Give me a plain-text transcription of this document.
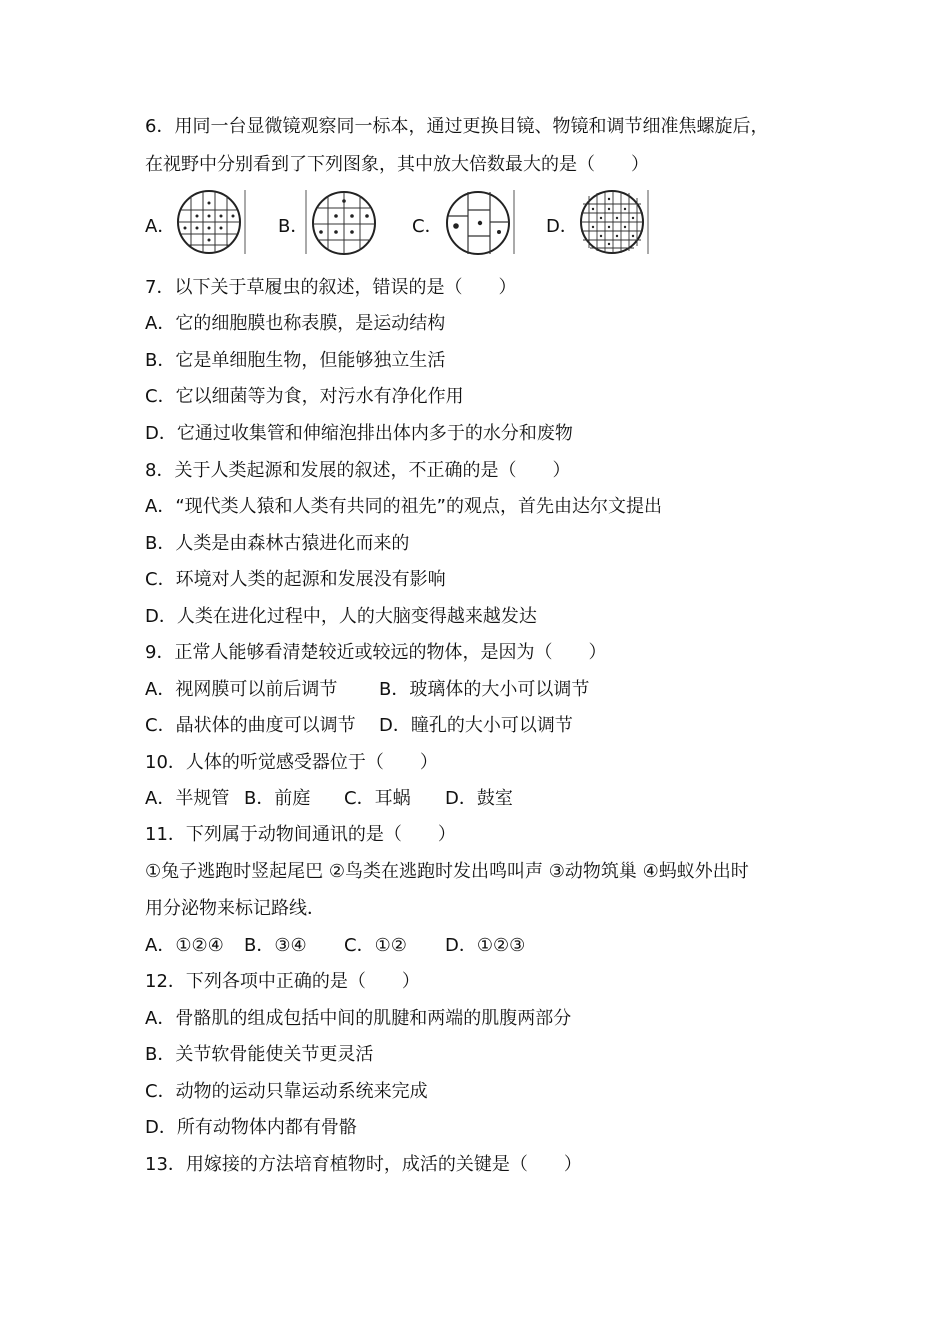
6．用同一台显微镜观察同一标本，通过更换目镜、物镜和调节细准焦螺旋后，
在视野中分别看到了下列图象，其中放大倍数最大的是（　　）
A．	B．	C．	D．
7．以下关于草履虫的叙述，错误的是（　　）
A．它的细胞膜也称表膜，是运动结构
B．它是单细胞生物，但能够独立生活
C．它以细菌等为食，对污水有净化作用
D．它通过收集管和伸缩泡排出体内多于的水分和废物
8．关于人类起源和发展的叙述，不正确的是（　　）
A．“现代类人猿和人类有共同的祖先”的观点，首先由达尔文提出
B．人类是由森林古猿进化而来的
C．环境对人类的起源和发展没有影响
D．人类在进化过程中，人的大脑变得越来越发达
9．正常人能够看清楚较近或较远的物体，是因为（　　）
A．视网膜可以前后调节 B．玻璃体的大小可以调节
C．晶状体的曲度可以调节 D．瞳孔的大小可以调节
10．人体的听觉感受器位于（　　）
A．半规管 B．前庭 C．耳蜗 D．鼓室
11．下列属于动物间通讯的是（　　）
①兔子逃跑时竖起尾巴 ②鸟类在逃跑时发出鸣叫声 ③动物筑巢 ④蚂蚁外出时
用分泌物来标记路线．
A．①②④ B．③④ C．①② D．①②③
12．下列各项中正确的是（　　）
A．骨骼肌的组成包括中间的肌腱和两端的肌腹两部分
B．关节软骨能使关节更灵活
C．动物的运动只靠运动系统来完成
D．所有动物体内都有骨骼
13．用嫁接的方法培育植物时，成活的关键是（　　）
